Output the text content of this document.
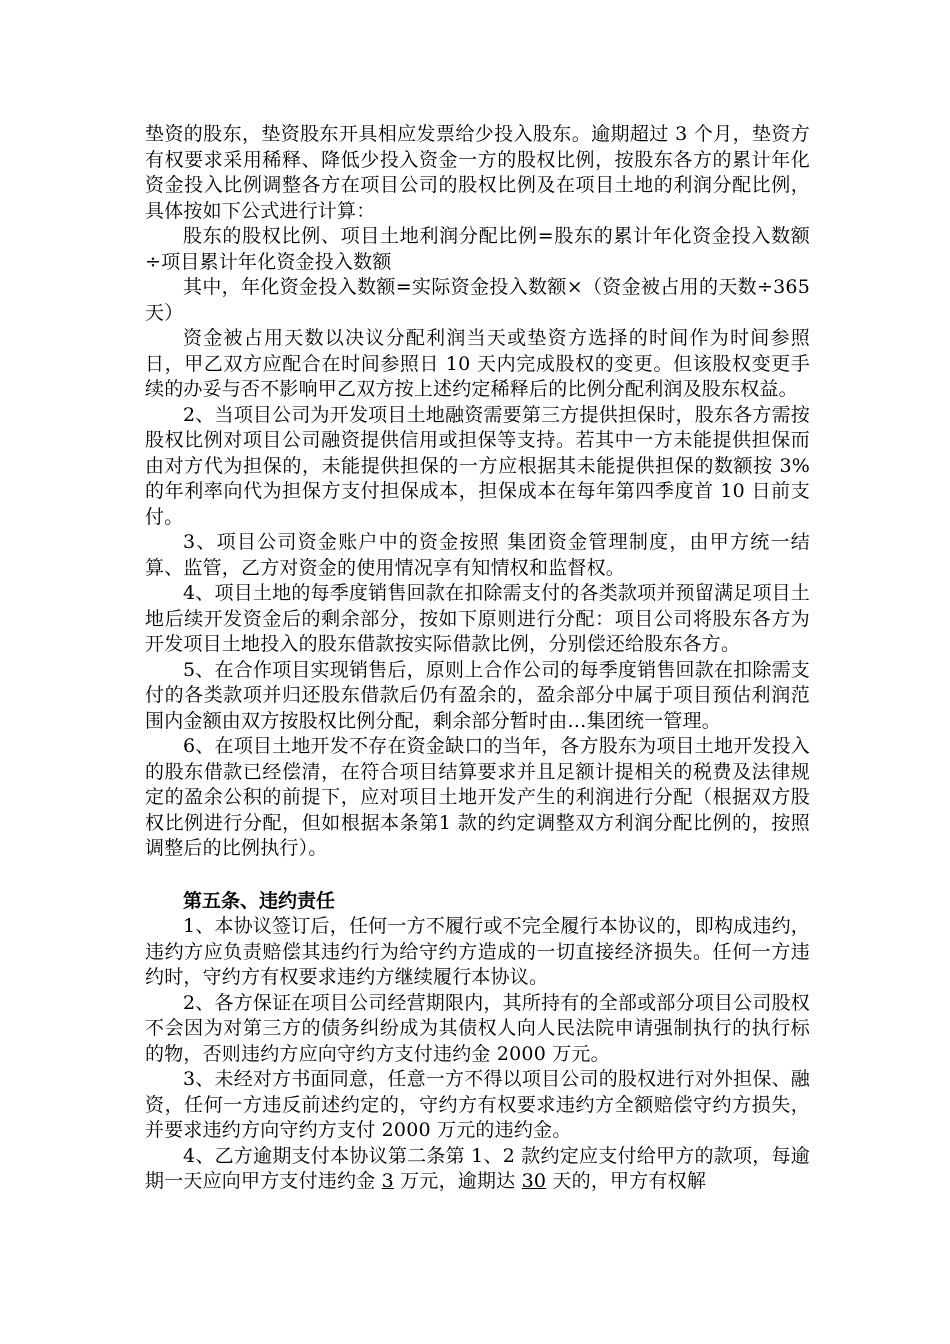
垫资的股东，垫资股东开具相应发票给少投入股东。逾期超过 3 个月，垫资方有权要求采用稀释、降低少投入资金一方的股权比例，按股东各方的累计年化资金投入比例调整各方在项目公司的股权比例及在项目土地的利润分配比例，具体按如下公式进行计算：

股东的股权比例、项目土地利润分配比例=股东的累计年化资金投入数额÷项目累计年化资金投入数额

其中，年化资金投入数额=实际资金投入数额×（资金被占用的天数÷365 天）

资金被占用天数以决议分配利润当天或垫资方选择的时间作为时间参照日，甲乙双方应配合在时间参照日 10 天内完成股权的变更。但该股权变更手续的办妥与否不影响甲乙双方按上述约定稀释后的比例分配利润及股东权益。

2、当项目公司为开发项目土地融资需要第三方提供担保时，股东各方需按股权比例对项目公司融资提供信用或担保等支持。若其中一方未能提供担保而由对方代为担保的，未能提供担保的一方应根据其未能提供担保的数额按 3%的年利率向代为担保方支付担保成本，担保成本在每年第四季度首 10 日前支付。

3、项目公司资金账户中的资金按照 集团资金管理制度，由甲方统一结算、监管，乙方对资金的使用情况享有知情权和监督权。

4、项目土地的每季度销售回款在扣除需支付的各类款项并预留满足项目土地后续开发资金后的剩余部分，按如下原则进行分配：项目公司将股东各方为开发项目土地投入的股东借款按实际借款比例，分别偿还给股东各方。

5、在合作项目实现销售后，原则上合作公司的每季度销售回款在扣除需支付的各类款项并归还股东借款后仍有盈余的，盈余部分中属于项目预估利润范围内金额由双方按股权比例分配，剩余部分暂时由…集团统一管理。

6、在项目土地开发不存在资金缺口的当年，各方股东为项目土地开发投入的股东借款已经偿清，在符合项目结算要求并且足额计提相关的税费及法律规定的盈余公积的前提下，应对项目土地开发产生的利润进行分配（根据双方股权比例进行分配，但如根据本条第1 款的约定调整双方利润分配比例的，按照调整后的比例执行）。

第五条、违约责任

1、本协议签订后，任何一方不履行或不完全履行本协议的，即构成违约，违约方应负责赔偿其违约行为给守约方造成的一切直接经济损失。任何一方违约时，守约方有权要求违约方继续履行本协议。

2、各方保证在项目公司经营期限内，其所持有的全部或部分项目公司股权不会因为对第三方的债务纠纷成为其债权人向人民法院申请强制执行的执行标的物，否则违约方应向守约方支付违约金 2000 万元。

3、未经对方书面同意，任意一方不得以项目公司的股权进行对外担保、融资，任何一方违反前述约定的，守约方有权要求违约方全额赔偿守约方损失，并要求违约方向守约方支付 2000 万元的违约金。

4、乙方逾期支付本协议第二条第 1、2 款约定应支付给甲方的款项，每逾期一天应向甲方支付违约金 3 万元，逾期达 30 天的，甲方有权解
